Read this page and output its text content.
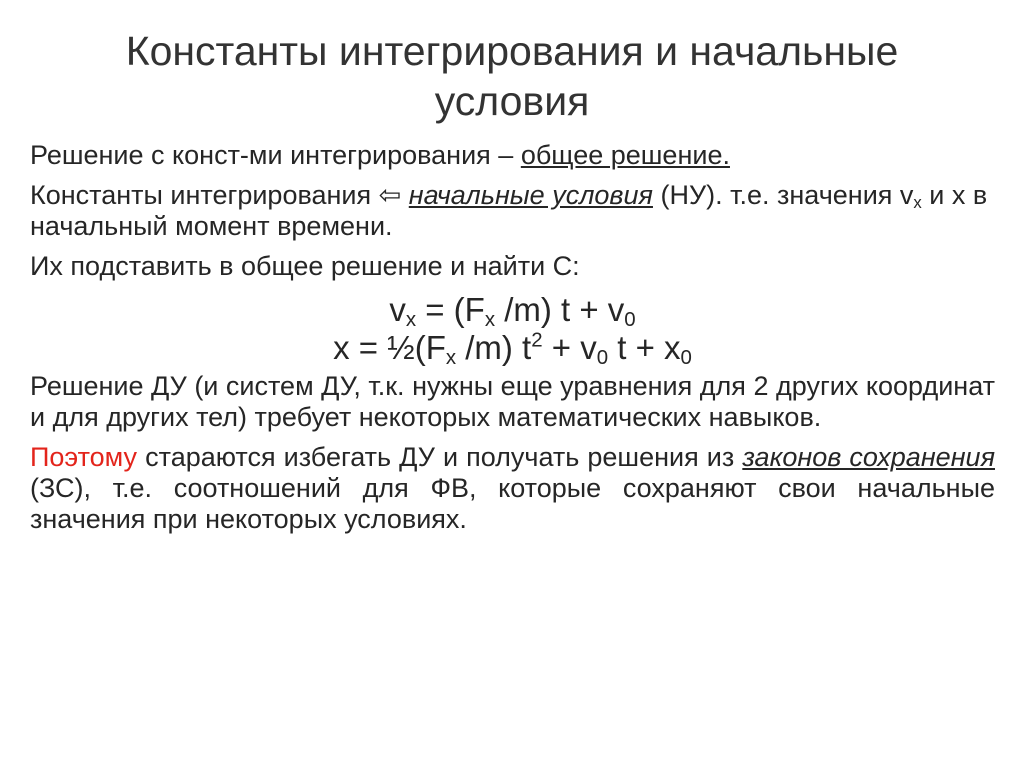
Константы интегрирования и начальные условия

Решение с конст-ми интегрирования – общее решение.

Константы интегрирования ⇦ начальные условия (НУ). т.е. значения $v_x$ и x в начальный момент времени.

Их подставить в общее решение и найти С:

$v_x = (F_x$ /m) $t + v_0$

$x = \frac{1}{2}(F_x$ /m) $t^2 + v_0$ $t + x_0$

Решение ДУ (и систем ДУ, т.к. нужны еще уравнения для 2 других координат и для других тел) требует некоторых математических навыков.

Поэтому стараются избегать ДУ и получать решения из законов сохранения (ЗС), т.е. соотношений для ФВ, которые сохраняют свои начальные значения при некоторых условиях.
